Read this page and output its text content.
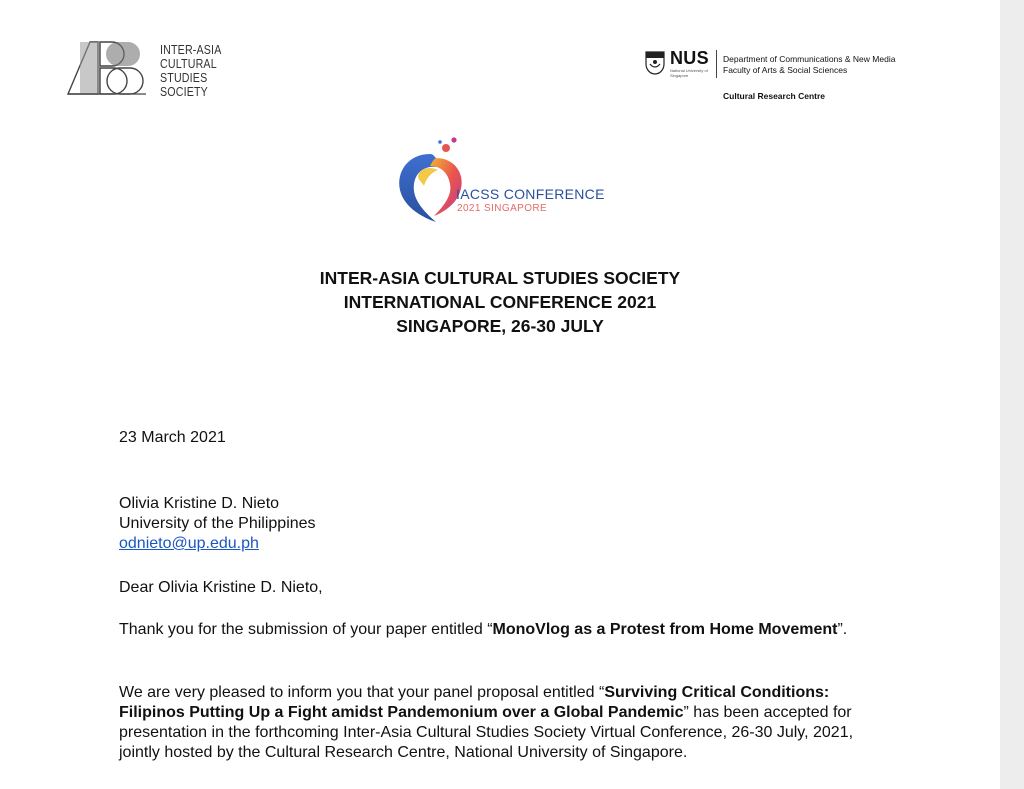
INTER-ASIA
CULTURAL STUDIES
SOCIETY
NUS
National University of Singapore
Department of Communications & New Media
Faculty of Arts & Social Sciences
Cultural Research Centre
IACSS CONFERENCE
2021 SINGAPORE
INTER-ASIA CULTURAL STUDIES SOCIETY
INTERNATIONAL CONFERENCE 2021
SINGAPORE, 26-30 JULY
23 March 2021
Olivia Kristine D. Nieto
University of the Philippines
odnieto@up.edu.ph
Dear Olivia Kristine D. Nieto,
Thank you for the submission of your paper entitled “MonoVlog as a Protest from Home Movement”.
We are very pleased to inform you that your panel proposal entitled “Surviving Critical Conditions: Filipinos Putting Up a Fight amidst Pandemonium over a Global Pandemic” has been accepted for presentation in the forthcoming Inter-Asia Cultural Studies Society Virtual Conference, 26-30 July, 2021, jointly hosted by the Cultural Research Centre, National University of Singapore.
